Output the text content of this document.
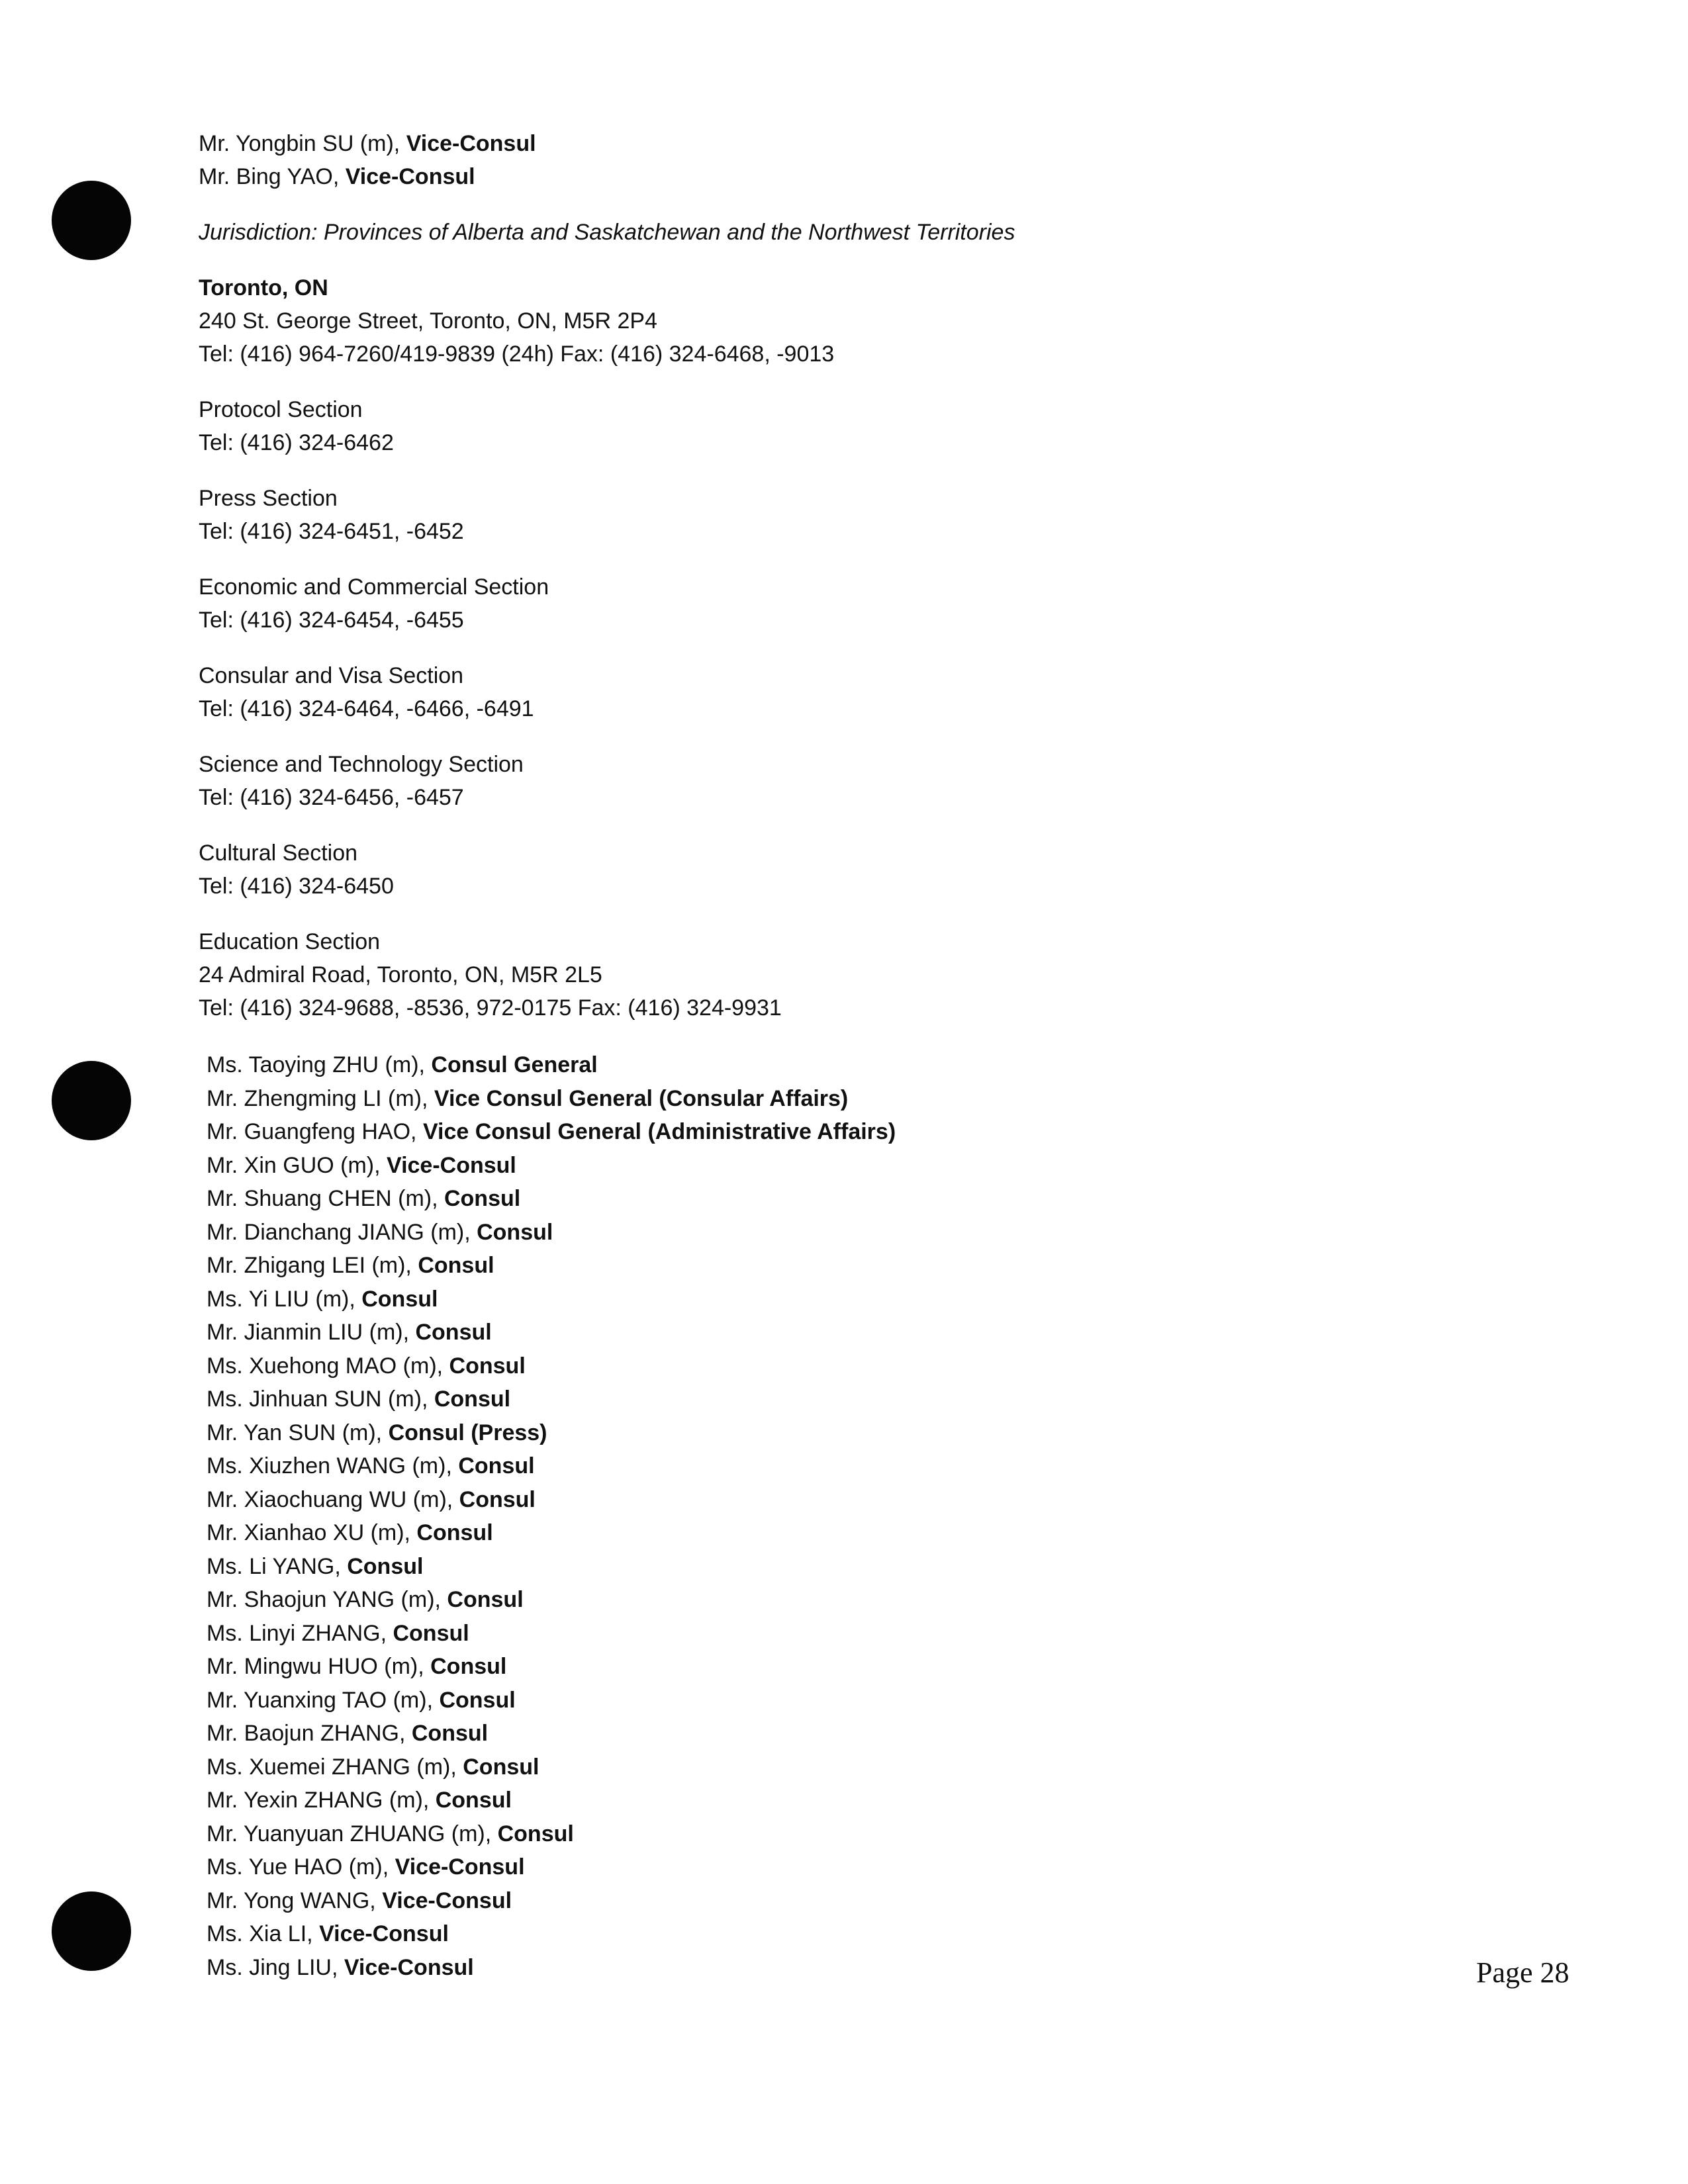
Mr. Yongbin SU (m), Vice-Consul
Mr. Bing YAO, Vice-Consul
Jurisdiction: Provinces of Alberta and Saskatchewan and the Northwest Territories
Toronto, ON
240 St. George Street, Toronto, ON, M5R 2P4
Tel: (416) 964-7260/419-9839 (24h) Fax: (416) 324-6468, -9013
Protocol Section
Tel: (416) 324-6462
Press Section
Tel: (416) 324-6451, -6452
Economic and Commercial Section
Tel: (416) 324-6454, -6455
Consular and Visa Section
Tel: (416) 324-6464, -6466, -6491
Science and Technology Section
Tel: (416) 324-6456, -6457
Cultural Section
Tel: (416) 324-6450
Education Section
24 Admiral Road, Toronto, ON, M5R 2L5
Tel: (416) 324-9688, -8536, 972-0175 Fax: (416) 324-9931
Ms. Taoying ZHU (m), Consul General
Mr. Zhengming LI (m), Vice Consul General (Consular Affairs)
Mr. Guangfeng HAO, Vice Consul General (Administrative Affairs)
Mr. Xin GUO (m), Vice-Consul
Mr. Shuang CHEN (m), Consul
Mr. Dianchang JIANG (m), Consul
Mr. Zhigang LEI (m), Consul
Ms. Yi LIU (m), Consul
Mr. Jianmin LIU (m), Consul
Ms. Xuehong MAO (m), Consul
Ms. Jinhuan SUN (m), Consul
Mr. Yan SUN (m), Consul (Press)
Ms. Xiuzhen WANG (m), Consul
Mr. Xiaochuang WU (m), Consul
Mr. Xianhao XU (m), Consul
Ms. Li YANG, Consul
Mr. Shaojun YANG (m), Consul
Ms. Linyi ZHANG, Consul
Mr. Mingwu HUO (m), Consul
Mr. Yuanxing TAO (m), Consul
Mr. Baojun ZHANG, Consul
Ms. Xuemei ZHANG (m), Consul
Mr. Yexin ZHANG (m), Consul
Mr. Yuanyuan ZHUANG (m), Consul
Ms. Yue HAO (m), Vice-Consul
Mr. Yong WANG, Vice-Consul
Ms. Xia LI, Vice-Consul
Ms. Jing LIU, Vice-Consul	Page 28
